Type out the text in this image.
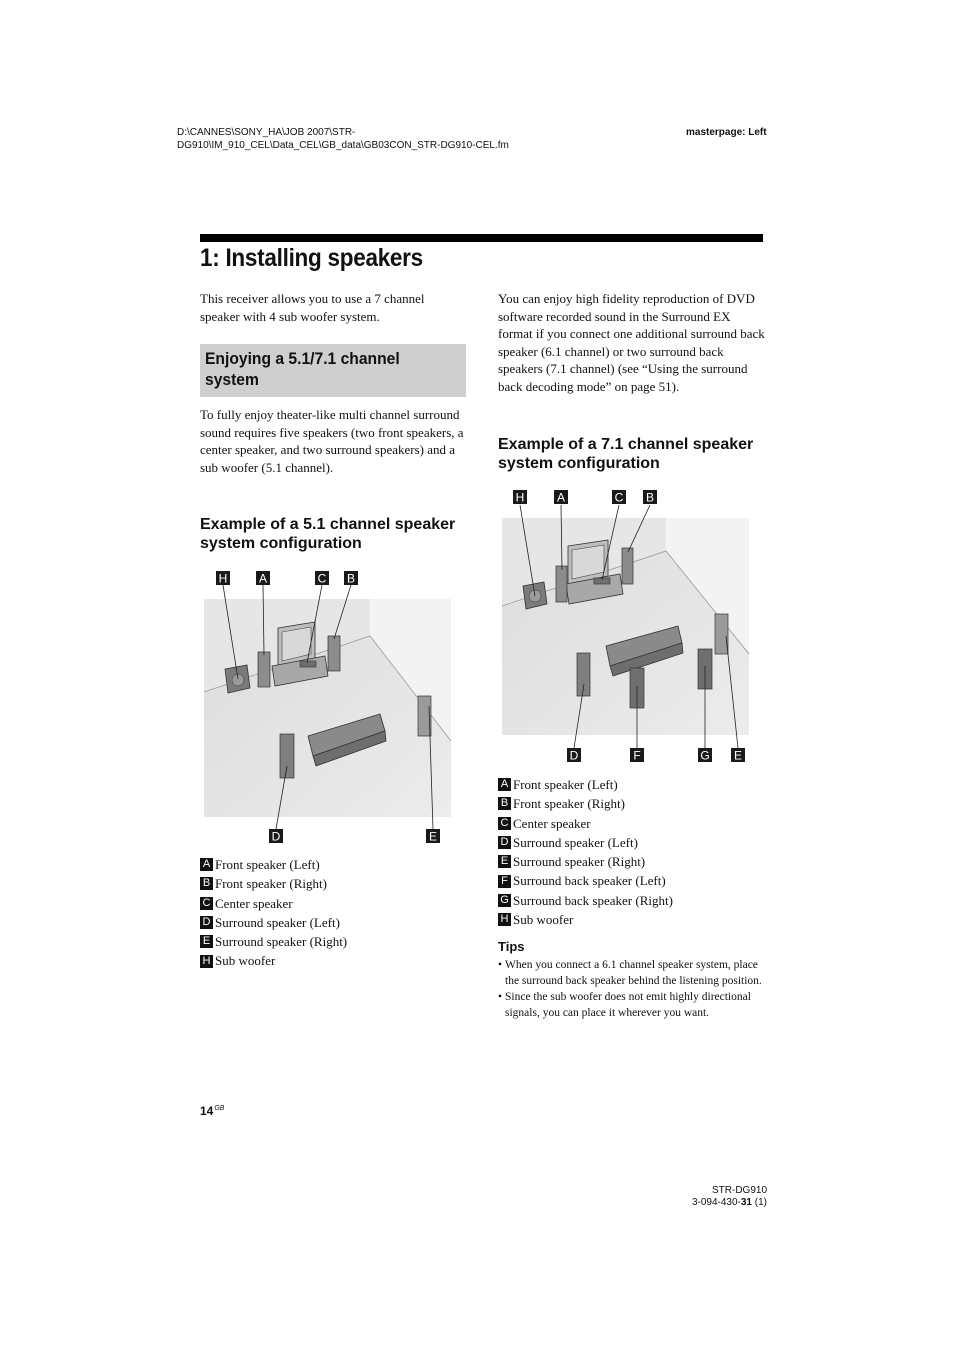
D:\CANNES\SONY_HA\JOB 2007\STR-
DG910\IM_910_CEL\Data_CEL\GB_data\GB03CON_STR-DG910-CEL.fm
masterpage: Left
1: Installing speakers
This receiver allows you to use a 7 channel speaker with 4 sub woofer system.
Enjoying a 5.1/7.1 channel system
To fully enjoy theater-like multi channel surround sound requires five speakers (two front speakers, a center speaker, and two surround speakers) and a sub woofer (5.1 channel).
Example of a 5.1 channel speaker system configuration
You can enjoy high fidelity reproduction of DVD software recorded sound in the Surround EX format if you connect one additional surround back speaker (6.1 channel) or two surround back speakers (7.1 channel) (see “Using the surround back decoding mode” on page 51).
Example of a 7.1 channel speaker system configuration
H	A	C B
D	E
H	A	C B
D	F	G E
A Front speaker (Left)
B Front speaker (Right)
C Center speaker
D Surround speaker (Left)
E Surround speaker (Right)
H Sub woofer
A Front speaker (Left)
B Front speaker (Right)
C Center speaker
D Surround speaker (Left)
E Surround speaker (Right)
F Surround back speaker (Left)
G Surround back speaker (Right)
H Sub woofer
Tips
• When you connect a 6.1 channel speaker system, place the surround back speaker behind the listening position.
• Since the sub woofer does not emit highly directional signals, you can place it wherever you want.
$14^{GB}$
STR-DG910
3-094-430-31 (1)
